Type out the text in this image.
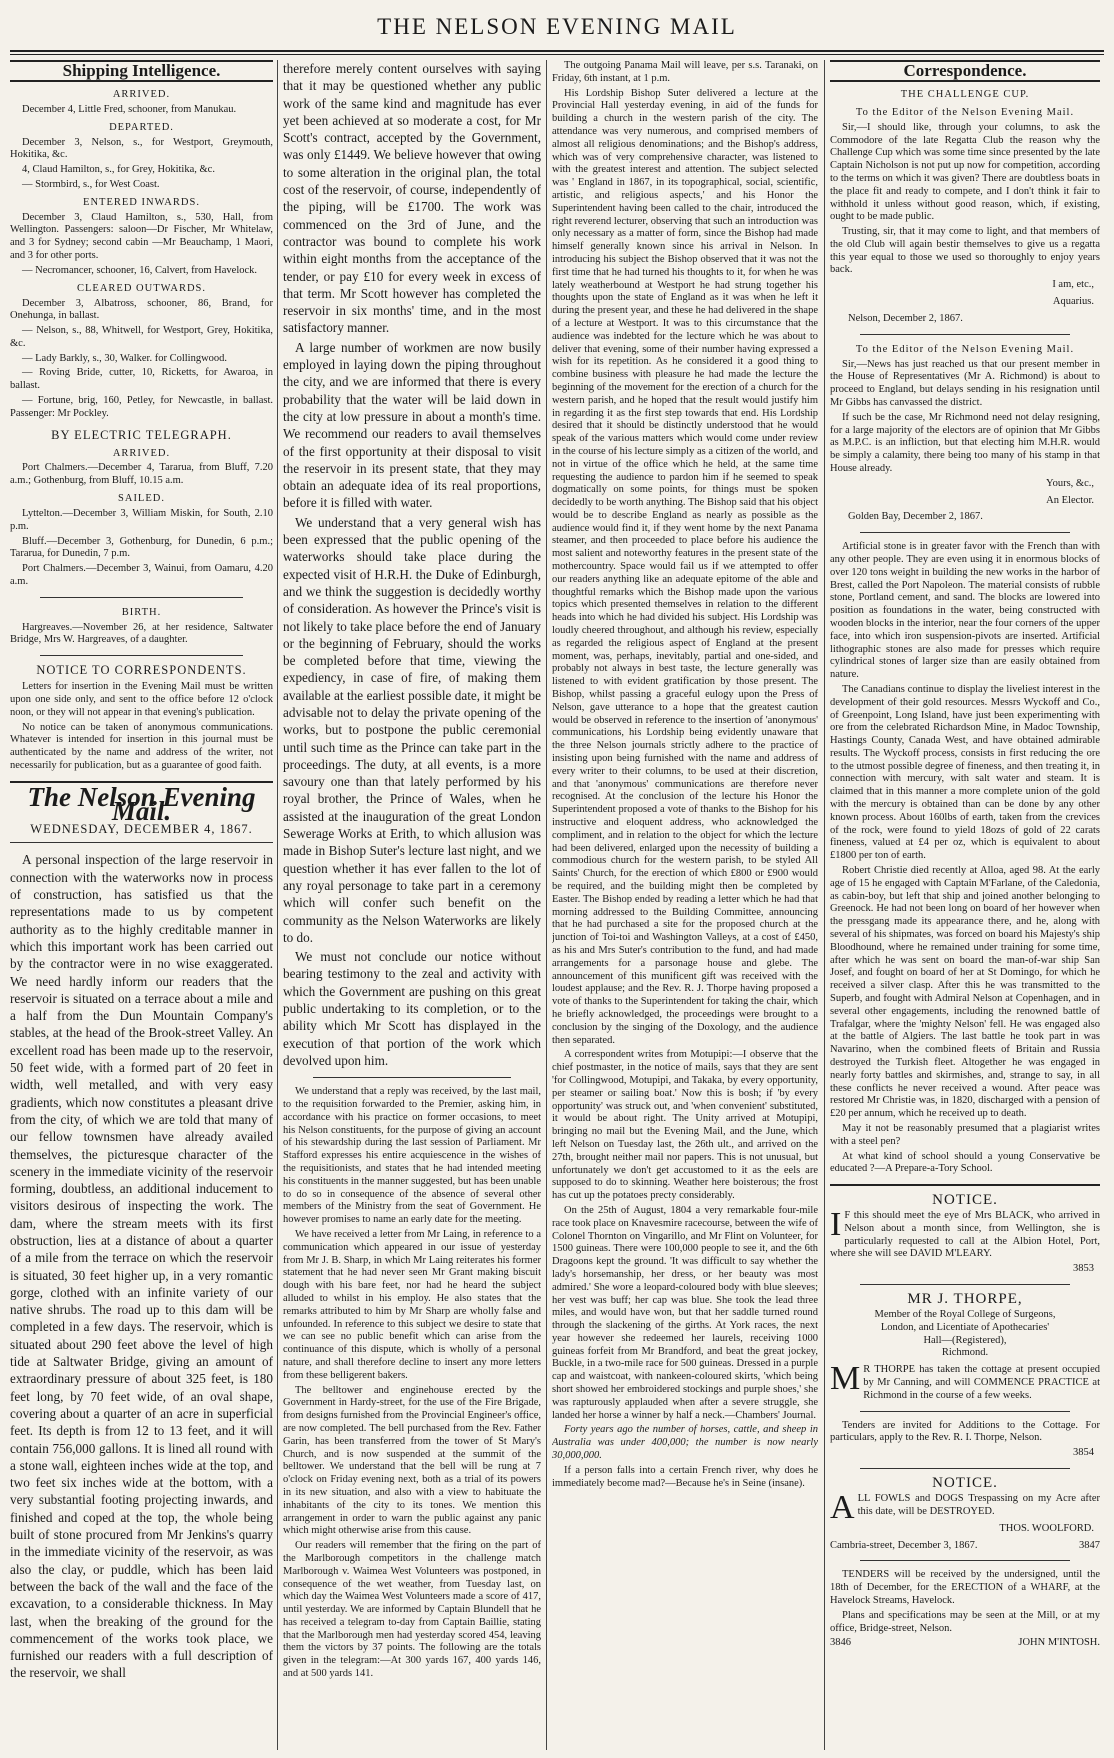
THE NELSON EVENING MAIL
Shipping Intelligence.
ARRIVED.

December 4, Little Fred, schooner, from Manukau.

DEPARTED.

December 3, Nelson, s., for Westport, Greymouth, Hokitika, &c.

4, Claud Hamilton, s., for Grey, Hokitika, &c.

— Stormbird, s., for West Coast.

ENTERED INWARDS.

December 3, Claud Hamilton, s., 530, Hall, from Wellington. Passengers: saloon—Dr Fischer, Mr Whitelaw, and 3 for Sydney; second cabin —Mr Beauchamp, 1 Maori, and 3 for other ports.

— Necromancer, schooner, 16, Calvert, from Havelock.

CLEARED OUTWARDS.

December 3, Albatross, schooner, 86, Brand, for Onehunga, in ballast.

— Nelson, s., 88, Whitwell, for Westport, Grey, Hokitika, &c.

— Lady Barkly, s., 30, Walker. for Collingwood.

— Roving Bride, cutter, 10, Ricketts, for Awaroa, in ballast.

— Fortune, brig, 160, Petley, for Newcastle, in ballast. Passenger: Mr Pockley.

BY ELECTRIC TELEGRAPH.
ARRIVED.

Port Chalmers.—December 4, Tararua, from Bluff, 7.20 a.m.; Gothenburg, from Bluff, 10.15 a.m.

SAILED.

Lyttelton.—December 3, William Miskin, for South, 2.10 p.m.

Bluff.—December 3, Gothenburg, for Dunedin, 6 p.m.; Tararua, for Dunedin, 7 p.m.

Port Chalmers.—December 3, Wainui, from Oamaru, 4.20 a.m.

BIRTH.

Hargreaves.—November 26, at her residence, Saltwater Bridge, Mrs W. Hargreaves, of a daughter.

NOTICE TO CORRESPONDENTS.

Letters for insertion in the Evening Mail must be written upon one side only, and sent to the office before 12 o'clock noon, or they will not appear in that evening's publication.

No notice can be taken of anonymous communications. Whatever is intended for insertion in this journal must be authenticated by the name and address of the writer, not necessarily for publication, but as a guarantee of good faith.

The Nelson Evening Mail.
WEDNESDAY, DECEMBER 4, 1867.

A personal inspection of the large reservoir in connection with the waterworks now in process of construction, has satisfied us that the representations made to us by competent authority as to the highly creditable manner in which this important work has been carried out by the contractor were in no wise exaggerated. We need hardly inform our readers that the reservoir is situated on a terrace about a mile and a half from the Dun Mountain Company's stables, at the head of the Brook-street Valley. An excellent road has been made up to the reservoir, 50 feet wide, with a formed part of 20 feet in width, well metalled, and with very easy gradients, which now constitutes a pleasant drive from the city, of which we are told that many of our fellow townsmen have already availed themselves, the picturesque character of the scenery in the immediate vicinity of the reservoir forming, doubtless, an additional inducement to visitors desirous of inspecting the work. The dam, where the stream meets with its first obstruction, lies at a distance of about a quarter of a mile from the terrace on which the reservoir is situated, 30 feet higher up, in a very romantic gorge, clothed with an infinite variety of our native shrubs. The road up to this dam will be completed in a few days. The reservoir, which is situated about 290 feet above the level of high tide at Saltwater Bridge, giving an amount of extraordinary pressure of about 325 feet, is 180 feet long, by 70 feet wide, of an oval shape, covering about a quarter of an acre in superficial feet. Its depth is from 12 to 13 feet, and it will contain 756,000 gallons. It is lined all round with a stone wall, eighteen inches wide at the top, and two feet six inches wide at the bottom, with a very substantial footing projecting inwards, and finished and coped at the top, the whole being built of stone procured from Mr Jenkins's quarry in the immediate vicinity of the reservoir, as was also the clay, or puddle, which has been laid between the back of the wall and the face of the excavation, to a considerable thickness. In May last, when the breaking of the ground for the commencement of the works took place, we furnished our readers with a full description of the reservoir, we shall

therefore merely content ourselves with saying that it may be questioned whether any public work of the same kind and magnitude has ever yet been achieved at so moderate a cost, for Mr Scott's contract, accepted by the Government, was only £1449. We believe however that owing to some alteration in the original plan, the total cost of the reservoir, of course, independently of the piping, will be £1700. The work was commenced on the 3rd of June, and the contractor was bound to complete his work within eight months from the acceptance of the tender, or pay £10 for every week in excess of that term. Mr Scott however has completed the reservoir in six months' time, and in the most satisfactory manner.

A large number of workmen are now busily employed in laying down the piping throughout the city, and we are informed that there is every probability that the water will be laid down in the city at low pressure in about a month's time. We recommend our readers to avail themselves of the first opportunity at their disposal to visit the reservoir in its present state, that they may obtain an adequate idea of its real proportions, before it is filled with water.

We understand that a very general wish has been expressed that the public opening of the waterworks should take place during the expected visit of H.R.H. the Duke of Edinburgh, and we think the suggestion is decidedly worthy of consideration. As however the Prince's visit is not likely to take place before the end of January or the beginning of February, should the works be completed before that time, viewing the expediency, in case of fire, of making them available at the earliest possible date, it might be advisable not to delay the private opening of the works, but to postpone the public ceremonial until such time as the Prince can take part in the proceedings. The duty, at all events, is a more savoury one than that lately performed by his royal brother, the Prince of Wales, when he assisted at the inauguration of the great London Sewerage Works at Erith, to which allusion was made in Bishop Suter's lecture last night, and we question whether it has ever fallen to the lot of any royal personage to take part in a ceremony which will confer such benefit on the community as the Nelson Waterworks are likely to do.

We must not conclude our notice without bearing testimony to the zeal and activity with which the Government are pushing on this great public undertaking to its completion, or to the ability which Mr Scott has displayed in the execution of that portion of the work which devolved upon him.

We understand that a reply was received, by the last mail, to the requisition forwarded to the Premier, asking him, in accordance with his practice on former occasions, to meet his Nelson constituents, for the purpose of giving an account of his stewardship during the last session of Parliament. Mr Stafford expresses his entire acquiescence in the wishes of the requisitionists, and states that he had intended meeting his constituents in the manner suggested, but has been unable to do so in consequence of the absence of several other members of the Ministry from the seat of Government. He however promises to name an early date for the meeting.

We have received a letter from Mr Laing, in reference to a communication which appeared in our issue of yesterday from Mr J. B. Sharp, in which Mr Laing reiterates his former statement that he had never seen Mr Grant making biscuit dough with his bare feet, nor had he heard the subject alluded to whilst in his employ. He also states that the remarks attributed to him by Mr Sharp are wholly false and unfounded. In reference to this subject we desire to state that we can see no public benefit which can arise from the continuance of this dispute, which is wholly of a personal nature, and shall therefore decline to insert any more letters from these belligerent bakers.

The belltower and enginehouse erected by the Government in Hardy-street, for the use of the Fire Brigade, from designs furnished from the Provincial Engineer's office, are now completed. The bell purchased from the Rev. Father Garin, has been transferred from the tower of St Mary's Church, and is now suspended at the summit of the belltower. We understand that the bell will be rung at 7 o'clock on Friday evening next, both as a trial of its powers in its new situation, and also with a view to habituate the inhabitants of the city to its tones. We mention this arrangement in order to warn the public against any panic which might otherwise arise from this cause.

Our readers will remember that the firing on the part of the Marlborough competitors in the challenge match Marlborough v. Waimea West Volunteers was postponed, in consequence of the wet weather, from Tuesday last, on which day the Waimea West Volunteers made a score of 417, until yesterday. We are informed by Captain Blundell that he has received a telegram to-day from Captain Baillie, stating that the Marlborough men had yesterday scored 454, leaving them the victors by 37 points. The following are the totals given in the telegram:—At 300 yards 167, 400 yards 146, and at 500 yards 141.

The outgoing Panama Mail will leave, per s.s. Taranaki, on Friday, 6th instant, at 1 p.m.

His Lordship Bishop Suter delivered a lecture at the Provincial Hall yesterday evening, in aid of the funds for building a church in the western parish of the city. The attendance was very numerous, and comprised members of almost all religious denominations; and the Bishop's address, which was of very comprehensive character, was listened to with the greatest interest and attention. The subject selected was ' England in 1867, in its topographical, social, scientific, artistic, and religious aspects,' and his Honor the Superintendent having been called to the chair, introduced the right reverend lecturer, observing that such an introduction was only necessary as a matter of form, since the Bishop had made himself generally known since his arrival in Nelson. In introducing his subject the Bishop observed that it was not the first time that he had turned his thoughts to it, for when he was lately weatherbound at Westport he had strung together his thoughts upon the state of England as it was when he left it during the present year, and these he had delivered in the shape of a lecture at Westport. It was to this circumstance that the audience was indebted for the lecture which he was about to deliver that evening, some of their number having expressed a wish for its repetition. As he considered it a good thing to combine business with pleasure he had made the lecture the beginning of the movement for the erection of a church for the western parish, and he hoped that the result would justify him in regarding it as the first step towards that end. His Lordship desired that it should be distinctly understood that he would speak of the various matters which would come under review in the course of his lecture simply as a citizen of the world, and not in virtue of the office which he held, at the same time requesting the audience to pardon him if he seemed to speak dogmatically on some points, for things must be spoken decidedly to be worth anything. The Bishop said that his object would be to describe England as nearly as possible as the audience would find it, if they went home by the next Panama steamer, and then proceeded to place before his audience the most salient and noteworthy features in the present state of the mothercountry. Space would fail us if we attempted to offer our readers anything like an adequate epitome of the able and thoughtful remarks which the Bishop made upon the various topics which presented themselves in relation to the different heads into which he had divided his subject. His Lordship was loudly cheered throughout, and although his review, especially as regarded the religious aspect of England at the present moment, was, perhaps, inevitably, partial and one-sided, and probably not always in best taste, the lecture generally was listened to with evident gratification by those present. The Bishop, whilst passing a graceful eulogy upon the Press of Nelson, gave utterance to a hope that the greatest caution would be observed in reference to the insertion of 'anonymous' communications, his Lordship being evidently unaware that the three Nelson journals strictly adhere to the practice of insisting upon being furnished with the name and address of every writer to their columns, to be used at their discretion, and that 'anonymous' communications are therefore never recognised. At the conclusion of the lecture his Honor the Superintendent proposed a vote of thanks to the Bishop for his instructive and eloquent address, who acknowledged the compliment, and in relation to the object for which the lecture had been delivered, enlarged upon the necessity of building a commodious church for the western parish, to be styled All Saints' Church, for the erection of which £800 or £900 would be required, and the building might then be completed by Easter. The Bishop ended by reading a letter which he had that morning addressed to the Building Committee, announcing that he had purchased a site for the proposed church at the junction of Toi-toi and Washington Valleys, at a cost of £450, as his and Mrs Suter's contribution to the fund, and had made arrangements for a parsonage house and glebe. The announcement of this munificent gift was received with the loudest applause; and the Rev. R. J. Thorpe having proposed a vote of thanks to the Superintendent for taking the chair, which he briefly acknowledged, the proceedings were brought to a conclusion by the singing of the Doxology, and the audience then separated.

A correspondent writes from Motupipi:—I observe that the chief postmaster, in the notice of mails, says that they are sent 'for Collingwood, Motupipi, and Takaka, by every opportunity, per steamer or sailing boat.' Now this is bosh; if 'by every opportunity' was struck out, and 'when convenient' substituted, it would be about right. The Unity arrived at Motupipi, bringing no mail but the Evening Mail, and the June, which left Nelson on Tuesday last, the 26th ult., and arrived on the 27th, brought neither mail nor papers. This is not unusual, but unfortunately we don't get accustomed to it as the eels are supposed to do to skinning. Weather here boisterous; the frost has cut up the potatoes precty considerably.

On the 25th of August, 1804 a very remarkable four-mile race took place on Knavesmire racecourse, between the wife of Colonel Thornton on Vingarillo, and Mr Flint on Volunteer, for 1500 guineas. There were 100,000 people to see it, and the 6th Dragoons kept the ground. 'It was difficult to say whether the lady's horsemanship, her dress, or her beauty was most admired.' She wore a leopard-coloured body with blue sleeves; her vest was buff; her cap was blue. She took the lead three miles, and would have won, but that her saddle turned round through the slackening of the girths. At York races, the next year however she redeemed her laurels, receiving 1000 guineas forfeit from Mr Brandford, and beat the great jockey, Buckle, in a two-mile race for 500 guineas. Dressed in a purple cap and waistcoat, with nankeen-coloured skirts, 'which being short showed her embroidered stockings and purple shoes,' she was rapturously applauded when after a severe struggle, she landed her horse a winner by half a neck.—Chambers' Journal.

Forty years ago the number of horses, cattle, and sheep in Australia was under 400,000; the number is now nearly 30,000,000.

If a person falls into a certain French river, why does he immediately become mad?—Because he's in Seine (insane).

Correspondence.
THE CHALLENGE CUP.
To the Editor of the Nelson Evening Mail.

Sir,—I should like, through your columns, to ask the Commodore of the late Regatta Club the reason why the Challenge Cup which was some time since presented by the late Captain Nicholson is not put up now for competition, according to the terms on which it was given? There are doubtless boats in the place fit and ready to compete, and I don't think it fair to withhold it unless without good reason, which, if existing, ought to be made public.

Trusting, sir, that it may come to light, and that members of the old Club will again bestir themselves to give us a regatta this year equal to those we used so thoroughly to enjoy years back.

I am, etc.,
Aquarius.
Nelson, December 2, 1867.
To the Editor of the Nelson Evening Mail.

Sir,—News has just reached us that our present member in the House of Representatives (Mr A. Richmond) is about to proceed to England, but delays sending in his resignation until Mr Gibbs has canvassed the district.

If such be the case, Mr Richmond need not delay resigning, for a large majority of the electors are of opinion that Mr Gibbs as M.P.C. is an infliction, but that electing him M.H.R. would be simply a calamity, there being too many of his stamp in that House already.

Yours, &c.,
An Elector.
Golden Bay, December 2, 1867.

Artificial stone is in greater favor with the French than with any other people. They are even using it in enormous blocks of over 120 tons weight in building the new works in the harbor of Brest, called the Port Napoleon. The material consists of rubble stone, Portland cement, and sand. The blocks are lowered into position as foundations in the water, being constructed with wooden blocks in the interior, near the four corners of the upper face, into which iron suspension-pivots are inserted. Artificial lithographic stones are also made for presses which require cylindrical stones of larger size than are easily obtained from nature.

The Canadians continue to display the liveliest interest in the development of their gold resources. Messrs Wyckoff and Co., of Greenpoint, Long Island, have just been experimenting with ore from the celebrated Richardson Mine, in Madoc Township, Hastings County, Canada West, and have obtained admirable results. The Wyckoff process, consists in first reducing the ore to the utmost possible degree of fineness, and then treating it, in connection with mercury, with salt water and steam. It is claimed that in this manner a more complete union of the gold with the mercury is obtained than can be done by any other known process. About 160lbs of earth, taken from the crevices of the rock, were found to yield 18ozs of gold of 22 carats fineness, valued at £4 per oz, which is equivalent to about £1800 per ton of earth.

Robert Christie died recently at Alloa, aged 98. At the early age of 15 he engaged with Captain M'Farlane, of the Caledonia, as cabin-boy, but left that ship and joined another belonging to Greenock. He had not been long on board of her however when the pressgang made its appearance there, and he, along with several of his shipmates, was forced on board his Majesty's ship Bloodhound, where he remained under training for some time, after which he was sent on board the man-of-war ship San Josef, and fought on board of her at St Domingo, for which he received a silver clasp. After this he was transmitted to the Superb, and fought with Admiral Nelson at Copenhagen, and in several other engagements, including the renowned battle of Trafalgar, where the 'mighty Nelson' fell. He was engaged also at the battle of Algiers. The last battle he took part in was Navarino, when the combined fleets of Britain and Russia destroyed the Turkish fleet. Altogether he was engaged in nearly forty battles and skirmishes, and, strange to say, in all these conflicts he never received a wound. After peace was restored Mr Christie was, in 1820, discharged with a pension of £20 per annum, which he received up to death.

May it not be reasonably presumed that a plagiarist writes with a steel pen?

At what kind of school should a young Conservative be educated ?—A Prepare-a-Tory School.

NOTICE.

I F this should meet the eye of Mrs BLACK, who arrived in Nelson about a month since, from Wellington, she is particularly requested to call at the Albion Hotel, Port, where she will see DAVID M'LEARY.

3853
MR J. THORPE,
Member of the Royal College of Surgeons,
London, and Licentiate of Apothecaries'
Hall—(Registered),
Richmond.

M R THORPE has taken the cottage at present occupied by Mr Canning, and will COMMENCE PRACTICE at Richmond in the course of a few weeks.

Tenders are invited for Additions to the Cottage. For particulars, apply to the Rev. R. I. Thorpe, Nelson.

3854
NOTICE.

ALL FOWLS and DOGS Trespassing on my Acre after this date, will be DESTROYED.

THOS. WOOLFORD.

Cambria-street, December 3, 1867.	3847

TENDERS will be received by the undersigned, until the 18th of December, for the ERECTION of a WHARF, at the Havelock Streams, Havelock.

Plans and specifications may be seen at the Mill, or at my office, Bridge-street, Nelson.

3846	JOHN M'INTOSH.
